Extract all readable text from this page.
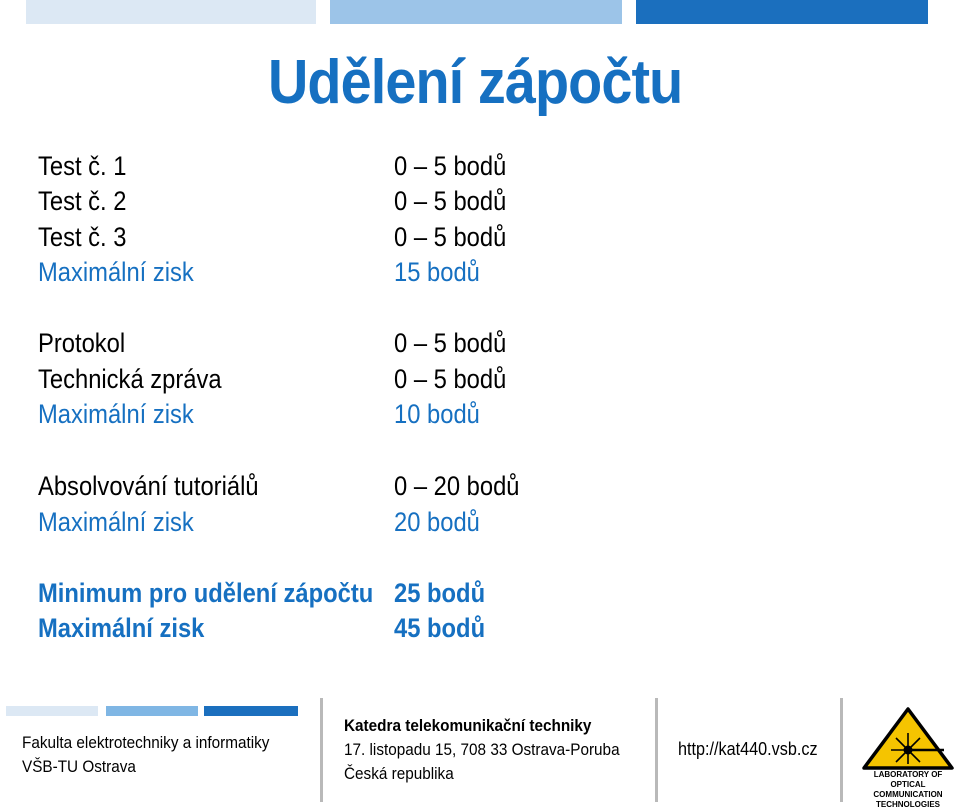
Udělení zápočtu
Test č. 1	0 – 5 bodů
Test č. 2	0 – 5 bodů
Test č. 3	0 – 5 bodů
Maximální zisk	15 bodů
Protokol	0 – 5 bodů
Technická zpráva	0 – 5 bodů
Maximální zisk	10 bodů
Absolvování tutoriálů	0 – 20 bodů
Maximální zisk	20 bodů
Minimum pro udělení zápočtu 25 bodů
Maximální zisk	45 bodů
Fakulta elektrotechniky a informatiky
VŠB-TU Ostrava
Katedra telekomunikační techniky
17. listopadu 15, 708 33 Ostrava-Poruba
Česká republika
http://kat440.vsb.cz
LABORATORY OF OPTICAL
COMMUNICATION TECHNOLOGIES
